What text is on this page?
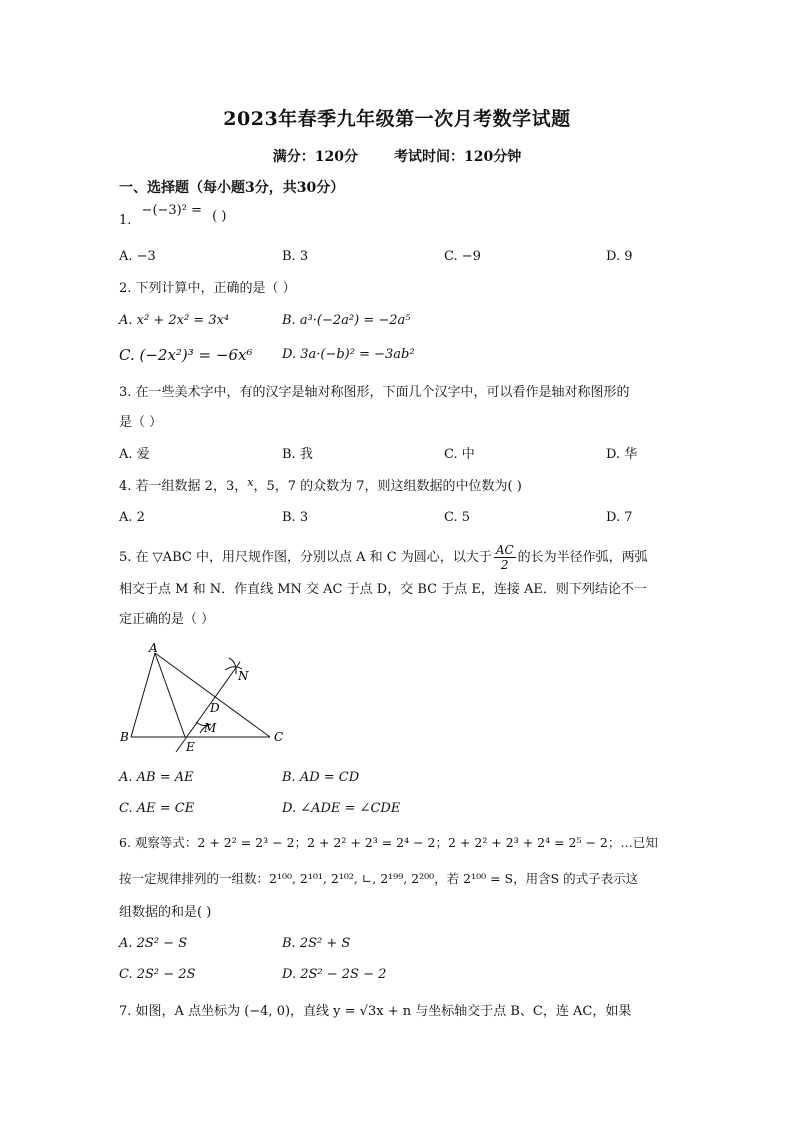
2023年春季九年级第一次月考数学试题
满分：120分	考试时间：120分钟
一、选择题（每小题3分，共30分）
1. −(−3)² = ( )
A. −3	B. 3	C. −9	D. 9
2. 下列计算中，正确的是（ ）
A. x² + 2x² = 3x⁴	B. a³·(−2a²) = −2a⁵
C. (−2x²)³ = −6x⁶ D. 3a·(−b)² = −3ab²
3. 在一些美术字中，有的汉字是轴对称图形，下面几个汉字中，可以看作是轴对称图形的
是（ ）
A. 爱	B. 我	C. 中	D. 华
4. 若一组数据 2，3，$^x$，5，7 的众数为 7，则这组数据的中位数为( )
A. 2	B. 3	C. 5	D. 7
5. 在 ▽ABC 中，用尺规作图，分别以点 A 和 C 为圆心，以大于 $\frac{AC}{2}$ 的长为半径作弧，两弧
相交于点 M 和 N．作直线 MN 交 AC 于点 D，交 BC 于点 E，连接 AE．则下列结论不一
定正确的是（ ）
A
B	C
D
E
M
N
A. AB = AE	B. AD = CD
C. AE = CE	D. ∠ADE = ∠CDE
6. 观察等式：2 + 2² = 2³ − 2；2 + 2² + 2³ = 2⁴ − 2；2 + 2² + 2³ + 2⁴ = 2⁵ − 2；…已知
按一定规律排列的一组数：2¹⁰⁰, 2¹⁰¹, 2¹⁰², ∟, 2¹⁹⁹, 2²⁰⁰，若 2¹⁰⁰ = S，用含S 的式子表示这
组数据的和是( )
A. 2S² − S	B. 2S² + S
C. 2S² − 2S	D. 2S² − 2S − 2
7. 如图，A 点坐标为 (−4, 0)，直线 y = √3x + n 与坐标轴交于点 B、C，连 AC，如果
